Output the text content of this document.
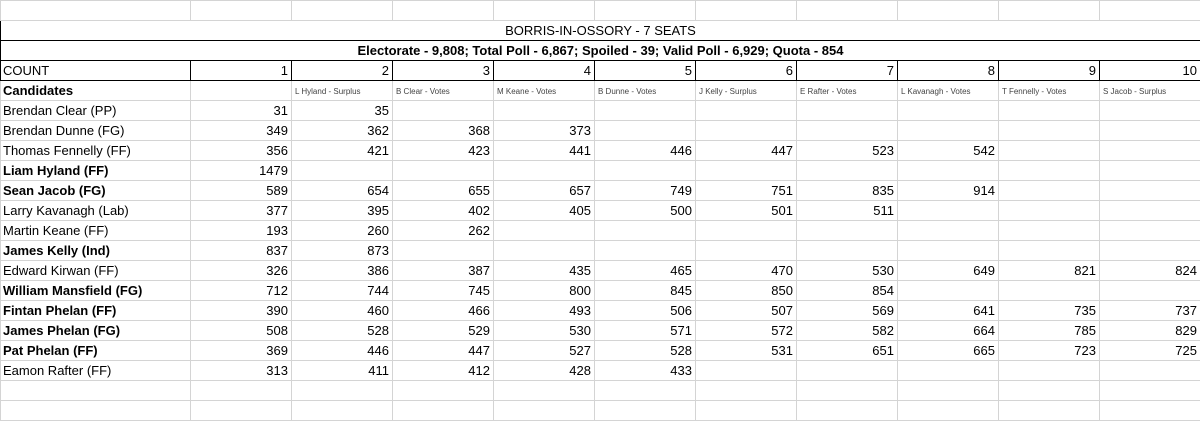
BORRIS-IN-OSSORY - 7 SEATS										
Electorate - 9,808; Total Poll - 6,867; Spoiled - 39; Valid Poll - 6,929; Quota - 854										
COUNT	1	2	3	4	5	6	7	8	9	10
Candidates		L Hyland - Surplus	B Clear - Votes	M Keane - Votes	B Dunne - Votes	J Kelly - Surplus	E Rafter - Votes	L Kavanagh - Votes	T Fennelly - Votes	S Jacob - Surplus
Brendan Clear (PP)	31	35								
Brendan Dunne (FG)	349	362	368	373						
Thomas Fennelly (FF)	356	421	423	441	446	447	523	542		
Liam Hyland (FF)	1479									
Sean Jacob (FG)	589	654	655	657	749	751	835	914		
Larry Kavanagh (Lab)	377	395	402	405	500	501	511			
Martin Keane (FF)	193	260	262							
James Kelly (Ind)	837	873								
Edward Kirwan (FF)	326	386	387	435	465	470	530	649	821	824
William Mansfield (FG)	712	744	745	800	845	850	854			
Fintan Phelan (FF)	390	460	466	493	506	507	569	641	735	737
James Phelan (FG)	508	528	529	530	571	572	582	664	785	829
Pat Phelan (FF)	369	446	447	527	528	531	651	665	723	725
Eamon Rafter (FF)	313	411	412	428	433					
